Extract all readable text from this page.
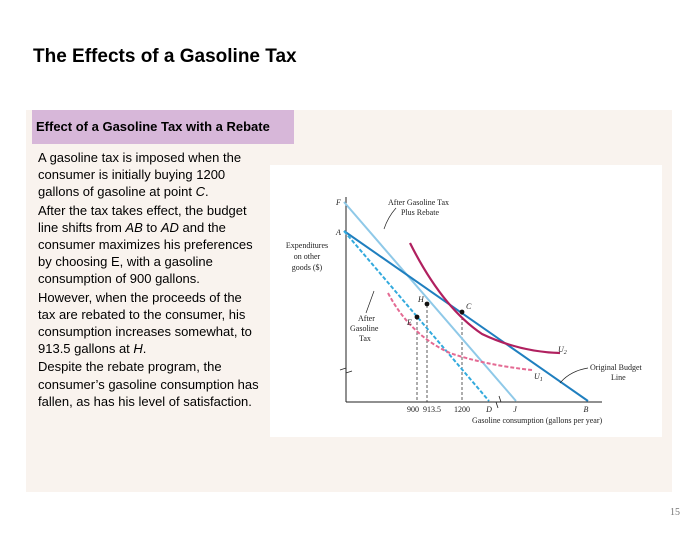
The Effects of a Gasoline Tax
Effect of a Gasoline Tax with a Rebate

A gasoline tax is imposed when the consumer is initially buying 1200 gallons of gasoline at point C.

After the tax takes effect, the budget line shifts from AB to AD and the consumer maximizes his preferences by choosing E, with a gasoline consumption of 900 gallons.

However, when the proceeds of the tax are rebated to the consumer, his consumption increases somewhat, to 913.5 gallons at H.

Despite the rebate program, the consumer’s gasoline consumption has fallen, as has his level of satisfaction.

Expenditures
on other
goods ($)
F
A
H
E
C
$U_2$
$U_1$
After Gasoline Tax
Plus Rebate
After
Gasoline
Tax
Original Budget
Line
900 913.5 1200 D	J	B
Gasoline consumption (gallons per year)
15
